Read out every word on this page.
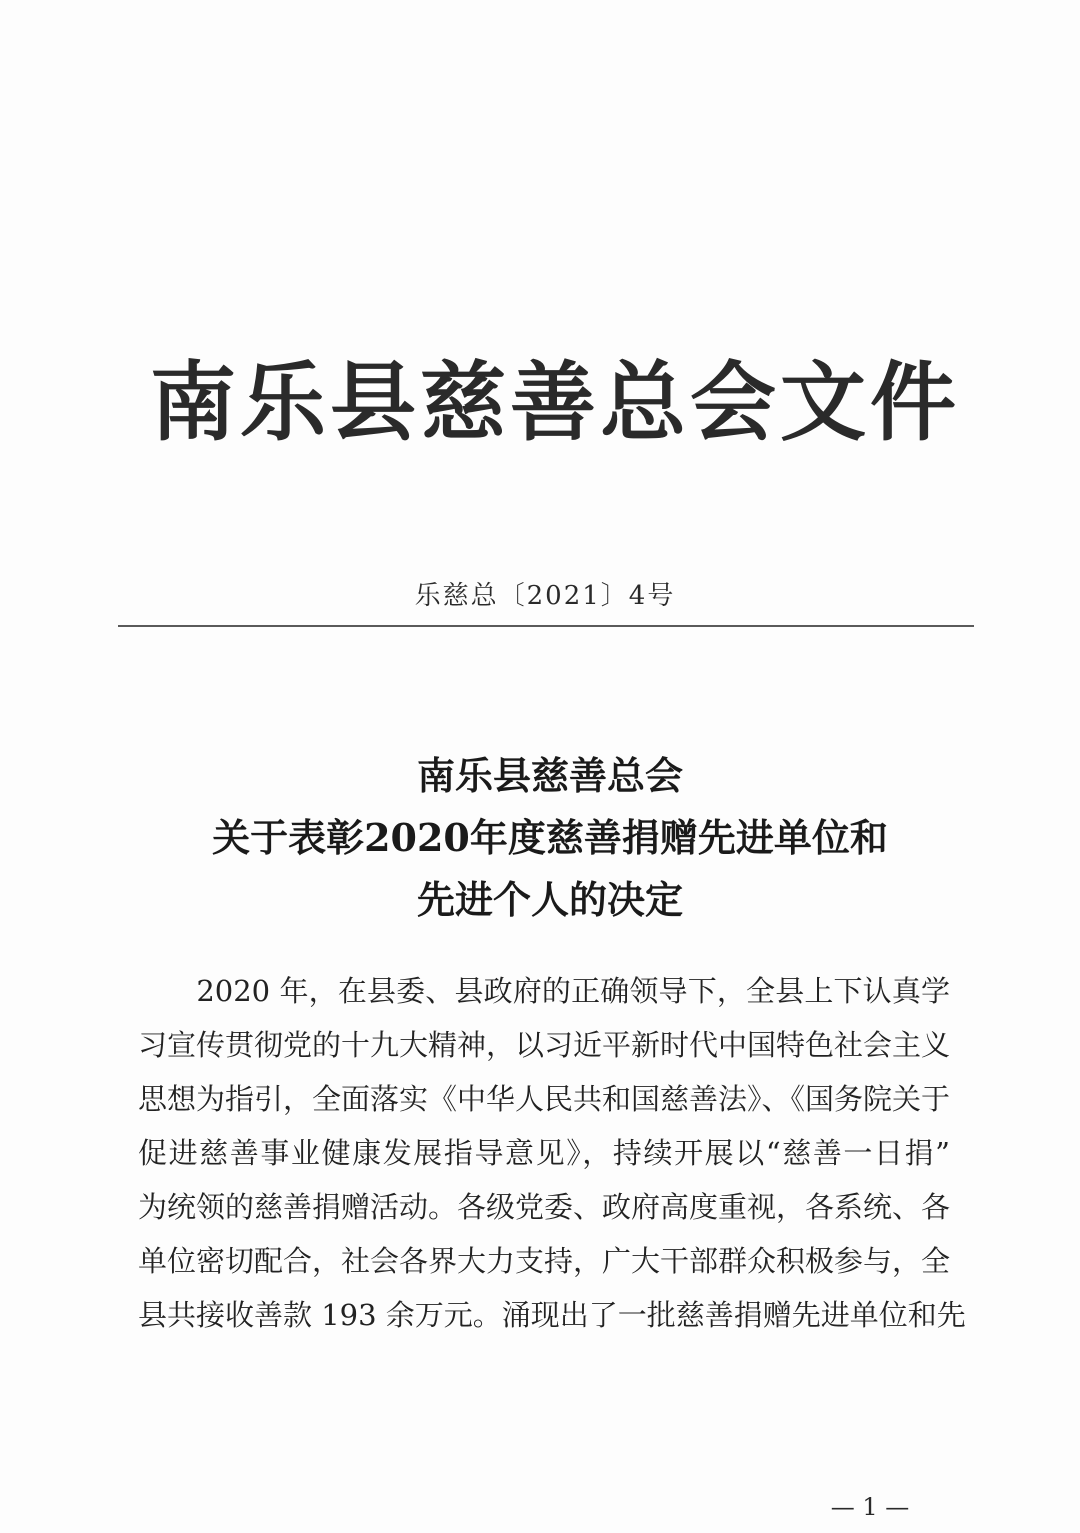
南乐县慈善总会文件
乐慈总〔2021〕4号
南乐县慈善总会
关于表彰2020年度慈善捐赠先进单位和
先进个人的决定
　　2020 年，在县委、县政府的正确领导下，全县上下认真学
习宣传贯彻党的十九大精神，以习近平新时代中国特色社会主义
思想为指引，全面落实《中华人民共和国慈善法》、《国务院关于
促进慈善事业健康发展指导意见》，持续开展以“慈善一日捐”
为统领的慈善捐赠活动。各级党委、政府高度重视，各系统、各
单位密切配合，社会各界大力支持，广大干部群众积极参与，全
县共接收善款 193 余万元。涌现出了一批慈善捐赠先进单位和先
— 1 —
